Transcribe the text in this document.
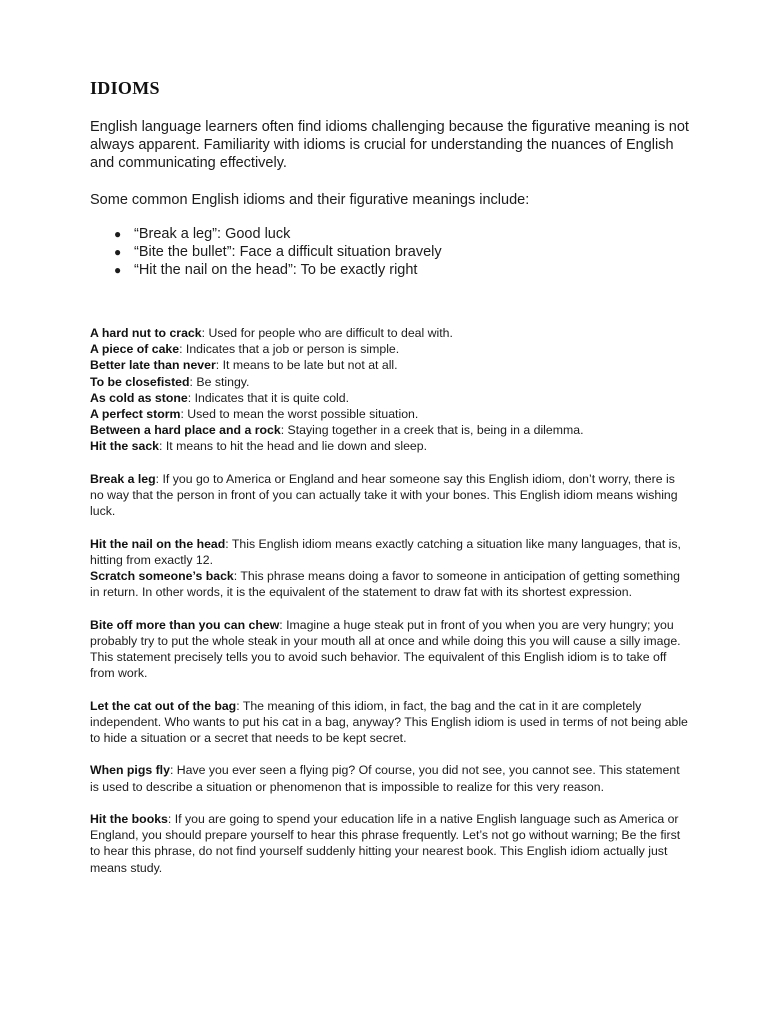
IDIOMS

English language learners often find idioms challenging because the figurative meaning is not always apparent. Familiarity with idioms is crucial for understanding the nuances of English and communicating effectively.

Some common English idioms and their figurative meanings include:

● “Break a leg”: Good luck
● “Bite the bullet”: Face a difficult situation bravely
● “Hit the nail on the head”: To be exactly right

A hard nut to crack: Used for people who are difficult to deal with.

A piece of cake: Indicates that a job or person is simple.

Better late than never: It means to be late but not at all.

To be closefisted: Be stingy.

As cold as stone: Indicates that it is quite cold.

A perfect storm: Used to mean the worst possible situation.

Between a hard place and a rock: Staying together in a creek that is, being in a dilemma.

Hit the sack: It means to hit the head and lie down and sleep.

Break a leg: If you go to America or England and hear someone say this English idiom, don’t worry, there is no way that the person in front of you can actually take it with your bones. This English idiom means wishing luck.

Hit the nail on the head: This English idiom means exactly catching a situation like many languages, that is, hitting from exactly 12.

Scratch someone’s back: This phrase means doing a favor to someone in anticipation of getting something in return. In other words, it is the equivalent of the statement to draw fat with its shortest expression.

Bite off more than you can chew: Imagine a huge steak put in front of you when you are very hungry; you probably try to put the whole steak in your mouth all at once and while doing this you will cause a silly image. This statement precisely tells you to avoid such behavior. The equivalent of this English idiom is to take off from work.

Let the cat out of the bag: The meaning of this idiom, in fact, the bag and the cat in it are completely independent. Who wants to put his cat in a bag, anyway? This English idiom is used in terms of not being able to hide a situation or a secret that needs to be kept secret.

When pigs fly: Have you ever seen a flying pig? Of course, you did not see, you cannot see. This statement is used to describe a situation or phenomenon that is impossible to realize for this very reason.

Hit the books: If you are going to spend your education life in a native English language such as America or England, you should prepare yourself to hear this phrase frequently. Let’s not go without warning; Be the first to hear this phrase, do not find yourself suddenly hitting your nearest book. This English idiom actually just means study.
